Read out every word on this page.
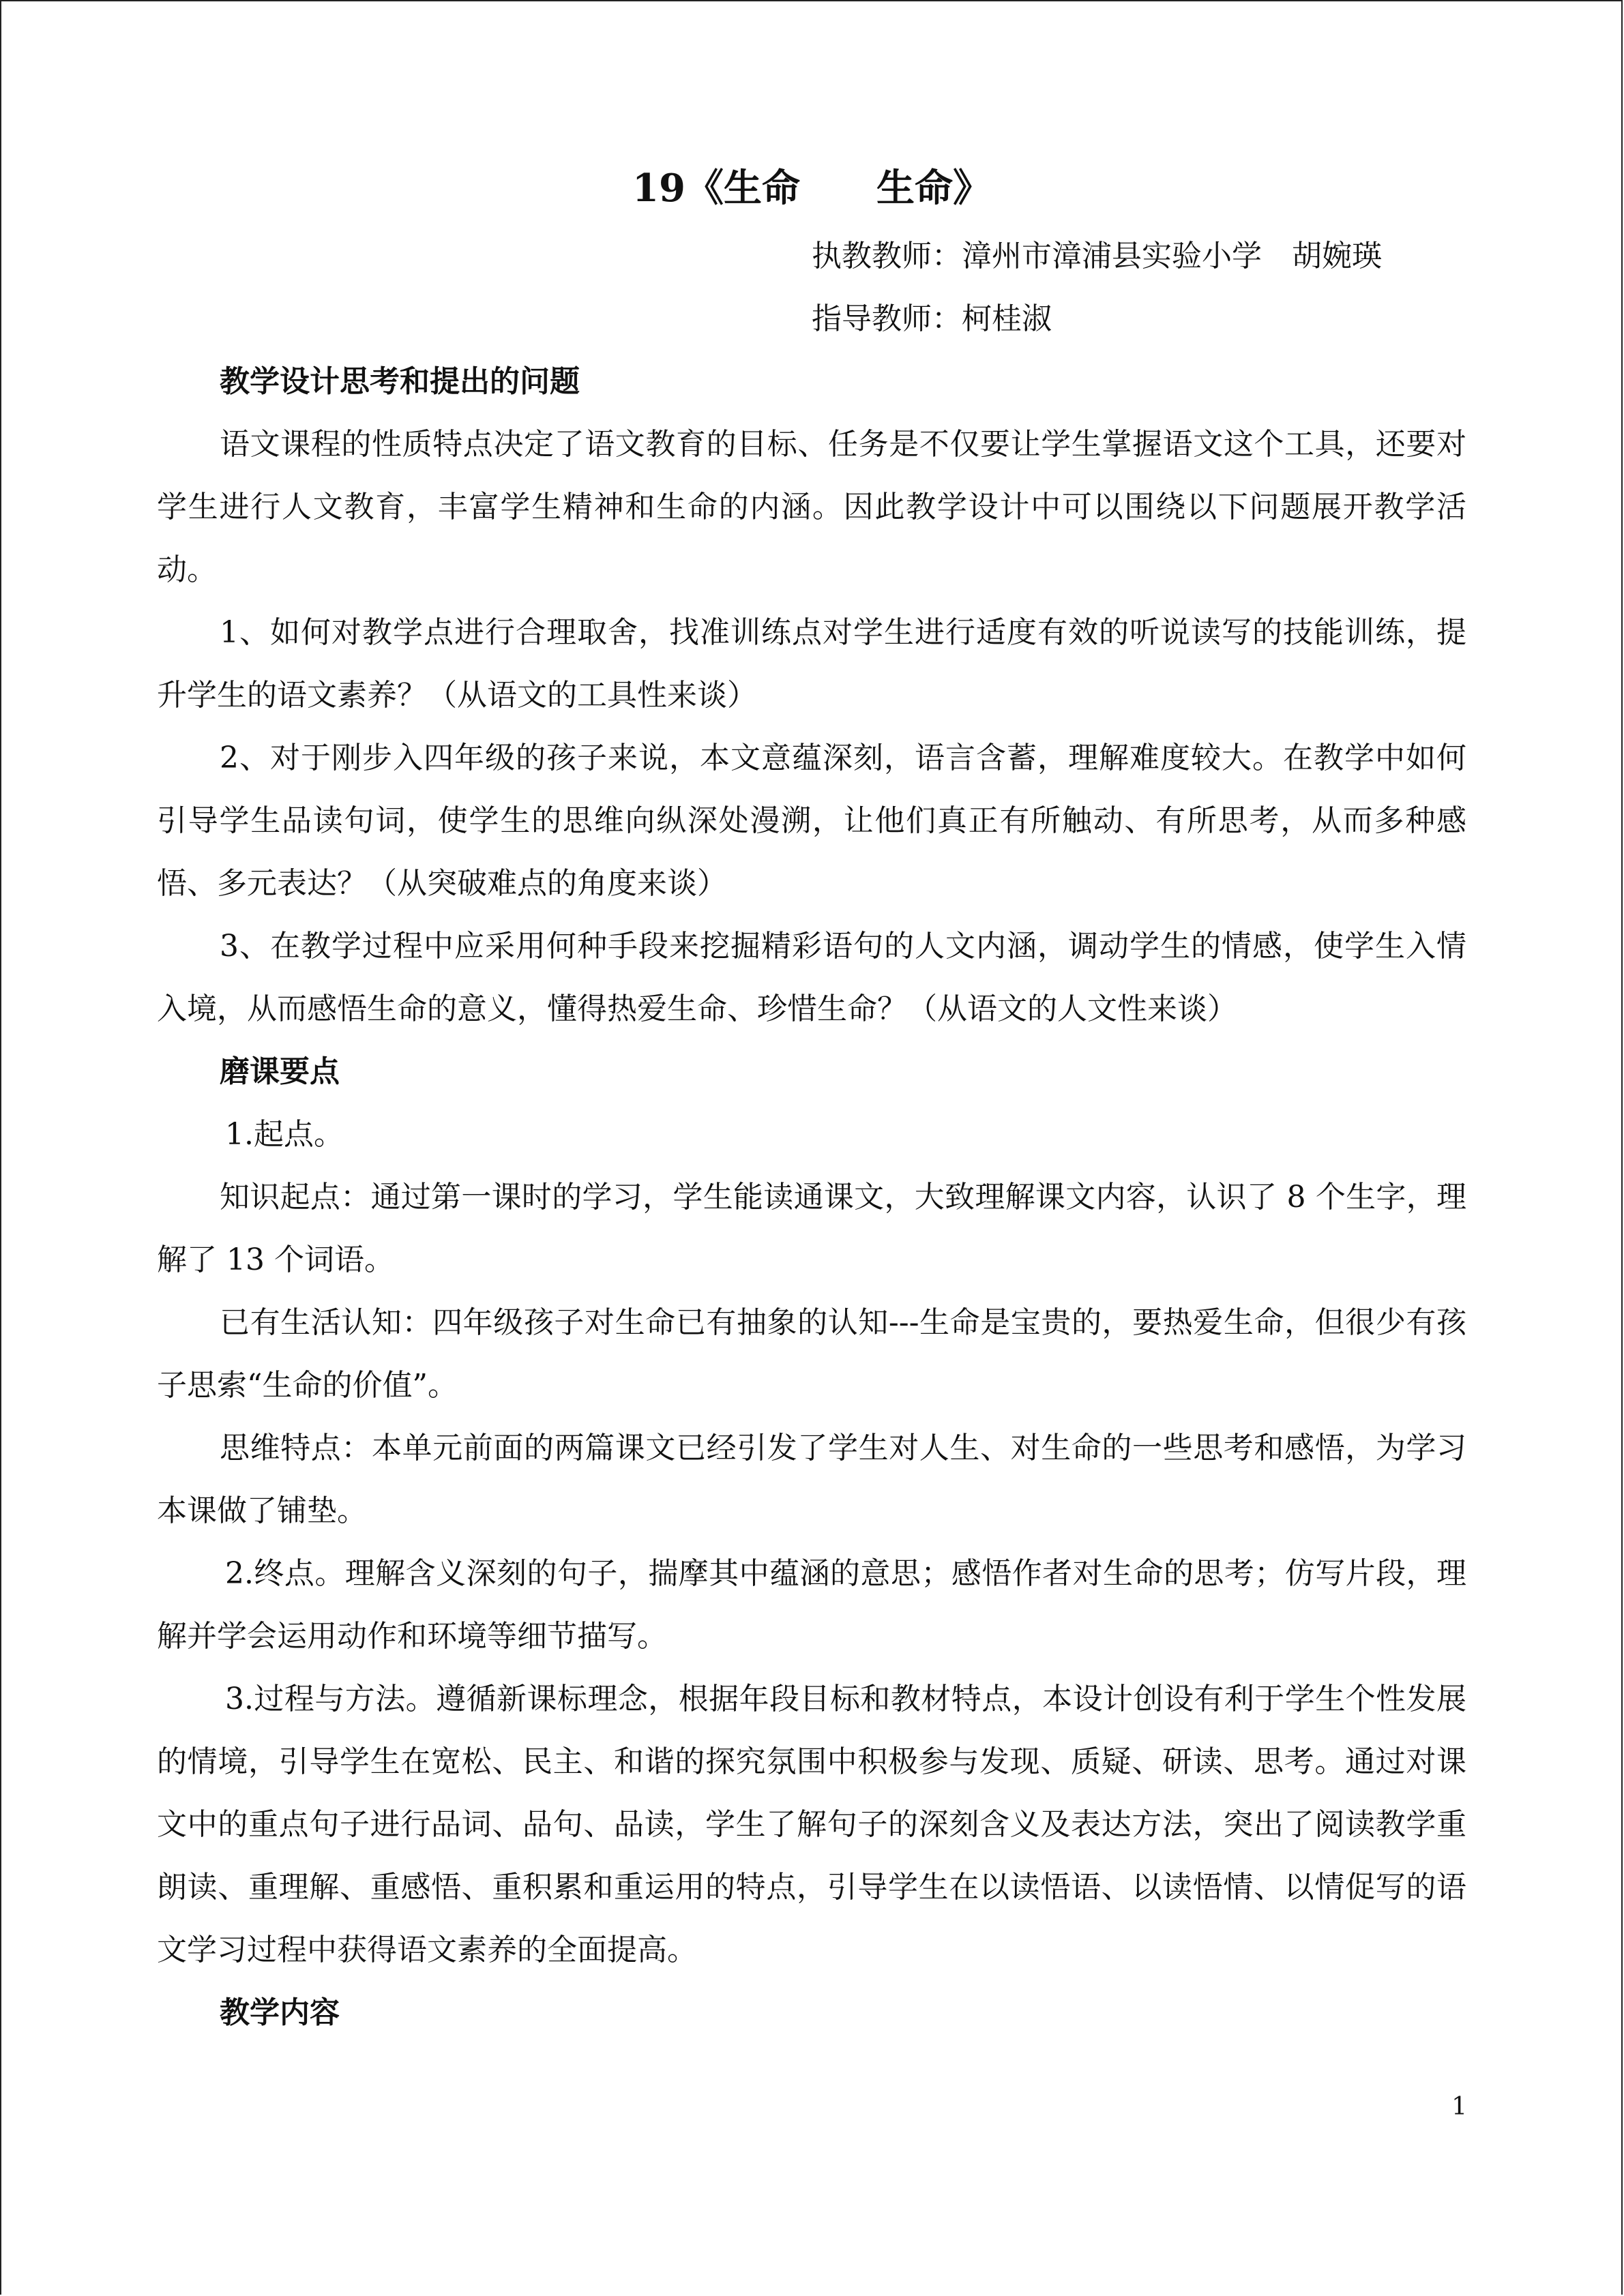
19《生命　　生命》

执教教师：漳州市漳浦县实验小学　胡婉瑛

指导教师：柯桂淑

教学设计思考和提出的问题

语文课程的性质特点决定了语文教育的目标、任务是不仅要让学生掌握语文这个工具，还要对学生进行人文教育，丰富学生精神和生命的内涵。因此教学设计中可以围绕以下问题展开教学活动。

1、如何对教学点进行合理取舍，找准训练点对学生进行适度有效的听说读写的技能训练，提升学生的语文素养？（从语文的工具性来谈）

2、对于刚步入四年级的孩子来说，本文意蕴深刻，语言含蓄，理解难度较大。在教学中如何引导学生品读句词，使学生的思维向纵深处漫溯，让他们真正有所触动、有所思考，从而多种感悟、多元表达？（从突破难点的角度来谈）

3、在教学过程中应采用何种手段来挖掘精彩语句的人文内涵，调动学生的情感，使学生入情入境，从而感悟生命的意义，懂得热爱生命、珍惜生命？（从语文的人文性来谈）

磨课要点

1.起点。

知识起点：通过第一课时的学习，学生能读通课文，大致理解课文内容，认识了 8 个生字，理解了 13 个词语。

已有生活认知：四年级孩子对生命已有抽象的认知---生命是宝贵的，要热爱生命，但很少有孩子思索“生命的价值”。

思维特点：本单元前面的两篇课文已经引发了学生对人生、对生命的一些思考和感悟，为学习本课做了铺垫。

2.终点。理解含义深刻的句子，揣摩其中蕴涵的意思；感悟作者对生命的思考；仿写片段，理解并学会运用动作和环境等细节描写。

3.过程与方法。遵循新课标理念，根据年段目标和教材特点，本设计创设有利于学生个性发展的情境，引导学生在宽松、民主、和谐的探究氛围中积极参与发现、质疑、研读、思考。通过对课文中的重点句子进行品词、品句、品读，学生了解句子的深刻含义及表达方法，突出了阅读教学重朗读、重理解、重感悟、重积累和重运用的特点，引导学生在以读悟语、以读悟情、以情促写的语文学习过程中获得语文素养的全面提高。

教学内容
1
